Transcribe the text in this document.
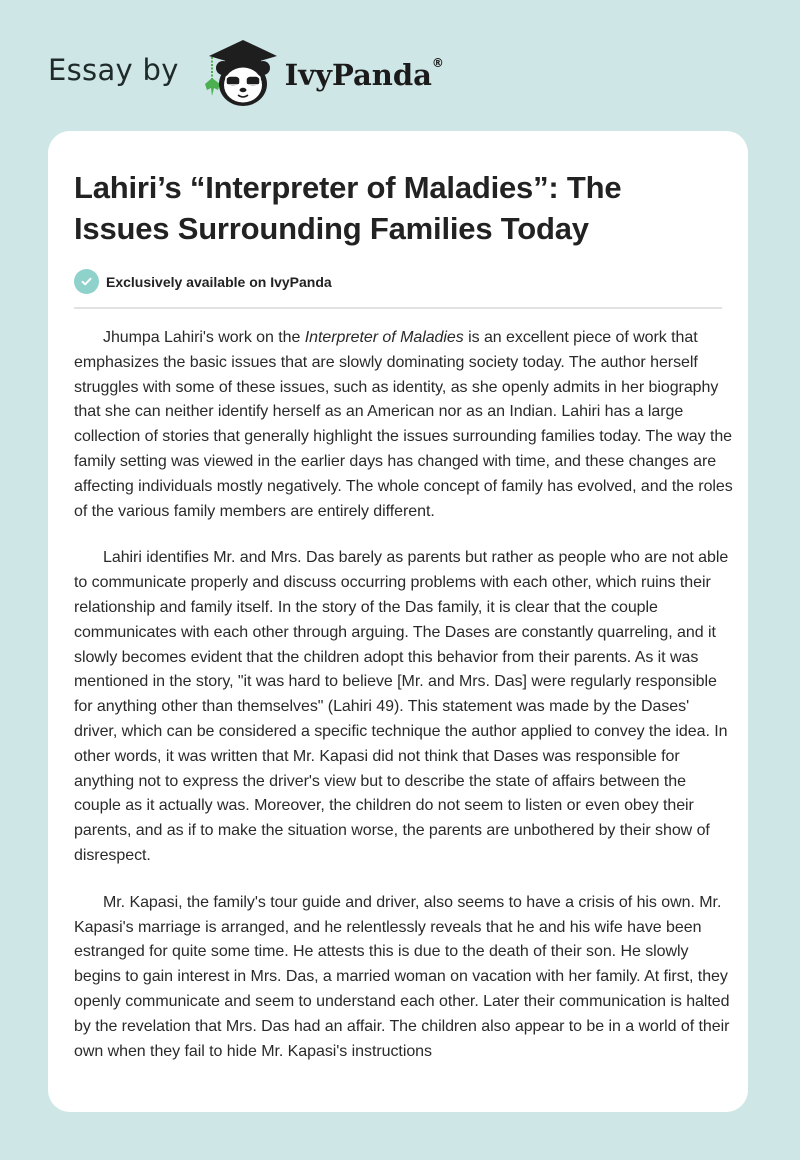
Essay by	IvyPanda®
Lahiri’s “Interpreter of Maladies”: The Issues Surrounding Families Today
Exclusively available on IvyPanda

Jhumpa Lahiri's work on the Interpreter of Maladies is an excellent piece of work that emphasizes the basic issues that are slowly dominating society today. The author herself struggles with some of these issues, such as identity, as she openly admits in her biography that she can neither identify herself as an American nor as an Indian. Lahiri has a large collection of stories that generally highlight the issues surrounding families today. The way the family setting was viewed in the earlier days has changed with time, and these changes are affecting individuals mostly negatively. The whole concept of family has evolved, and the roles of the various family members are entirely different.

Lahiri identifies Mr. and Mrs. Das barely as parents but rather as people who are not able to communicate properly and discuss occurring problems with each other, which ruins their relationship and family itself. In the story of the Das family, it is clear that the couple communicates with each other through arguing. The Dases are constantly quarreling, and it slowly becomes evident that the children adopt this behavior from their parents. As it was mentioned in the story, "it was hard to believe [Mr. and Mrs. Das] were regularly responsible for anything other than themselves" (Lahiri 49). This statement was made by the Dases' driver, which can be considered a specific technique the author applied to convey the idea. In other words, it was written that Mr. Kapasi did not think that Dases was responsible for anything not to express the driver's view but to describe the state of affairs between the couple as it actually was. Moreover, the children do not seem to listen or even obey their parents, and as if to make the situation worse, the parents are unbothered by their show of disrespect.

Mr. Kapasi, the family's tour guide and driver, also seems to have a crisis of his own. Mr. Kapasi's marriage is arranged, and he relentlessly reveals that he and his wife have been estranged for quite some time. He attests this is due to the death of their son. He slowly begins to gain interest in Mrs. Das, a married woman on vacation with her family. At first, they openly communicate and seem to understand each other. Later their communication is halted by the revelation that Mrs. Das had an affair. The children also appear to be in a world of their own when they fail to hide Mr. Kapasi's instructions
